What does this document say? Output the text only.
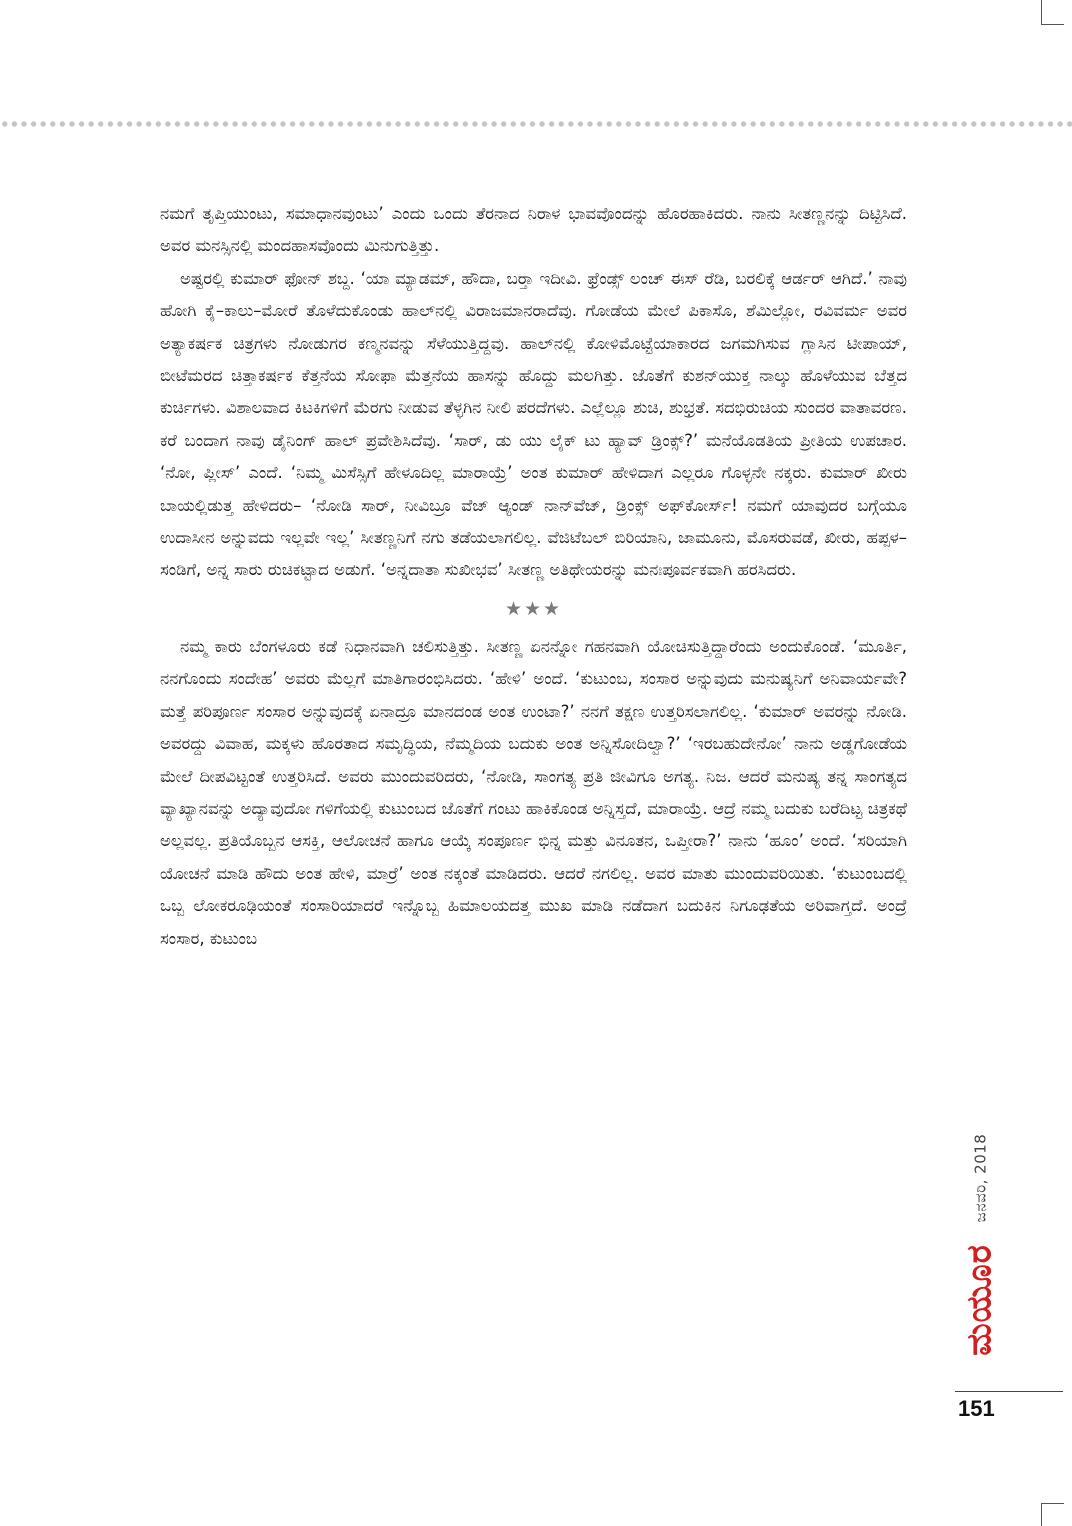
ನಮಗೆ ತೃಪ್ತಿಯುಂಟು, ಸಮಾಧಾನವುಂಟು’ ಎಂದು ಒಂದು ತೆರನಾದ ನಿರಾಳ ಭಾವವೊಂದನ್ನು ಹೊರಹಾಕಿದರು. ನಾನು ಸೀತಣ್ಣನನ್ನು ದಿಟ್ಟಿಸಿದೆ. ಅವರ ಮನಸ್ಸಿನಲ್ಲಿ ಮಂದಹಾಸವೊಂದು ಮಿನುಗುತ್ತಿತ್ತು.

ಅಷ್ಟರಲ್ಲಿ ಕುಮಾರ್ ಫೋನ್ ಶಬ್ದ. ‘ಯಾ ಮ್ಯಾಡಮ್, ಹೌದಾ, ಬರ‍್ತಾ ಇದೀವಿ. ಫ್ರೆಂಡ್ಸ್ ಲಂಚ್ ಈಸ್ ರೆಡಿ, ಬರಲಿಕ್ಕೆ ಆರ್ಡರ್ ಆಗಿದೆ.’ ನಾವು ಹೋಗಿ ಕೈ–ಕಾಲು–ಮೋರೆ ತೊಳೆದುಕೊಂಡು ಹಾಲ್‌ನಲ್ಲಿ ವಿರಾಜಮಾನರಾದೆವು. ಗೋಡೆಯ ಮೇಲೆ ಪಿಕಾಸೊ, ಶೆಮಿಲ್ಲೋ, ರವಿವರ್ಮ ಅವರ ಅತ್ಯಾಕರ್ಷಕ ಚಿತ್ರಗಳು ನೋಡುಗರ ಕಣ್ಮನವನ್ನು ಸೆಳೆಯುತ್ತಿದ್ದವು. ಹಾಲ್‌ನಲ್ಲಿ ಕೋಳಿಮೊಟ್ಟೆಯಾಕಾರದ ಜಗಮಗಿಸುವ ಗ್ಲಾಸಿನ ಟೀಪಾಯ್, ಬೀಟೆಮರದ ಚಿತ್ತಾಕರ್ಷಕ ಕೆತ್ತನೆಯ ಸೋಫಾ ಮೆತ್ತನೆಯ ಹಾಸನ್ನು ಹೊದ್ದು ಮಲಗಿತ್ತು. ಜೊತೆಗೆ ಕುಶನ್‌ಯುಕ್ತ ನಾಲ್ಕು ಹೊಳೆಯುವ ಬೆತ್ತದ ಕುರ್ಚಿಗಳು. ವಿಶಾಲವಾದ ಕಿಟಕಿಗಳಿಗೆ ಮೆರಗು ನೀಡುವ ತೆಳ್ಳಗಿನ ನೀಲಿ ಪರದೆಗಳು. ಎಲ್ಲೆಲ್ಲೂ ಶುಚಿ, ಶುಭ್ರತೆ. ಸದಭಿರುಚಿಯ ಸುಂದರ ವಾತಾವರಣ. ಕರೆ ಬಂದಾಗ ನಾವು ಡೈನಿಂಗ್ ಹಾಲ್ ಪ್ರವೇಶಿಸಿದೆವು. ‘ಸಾರ್, ಡು ಯು ಲೈಕ್ ಟು ಹ್ಯಾವ್ ಡ್ರಿಂಕ್ಸ್?’ ಮನೆಯೊಡತಿಯ ಪ್ರೀತಿಯ ಉಪಚಾರ. ‘ನೋ, ಪ್ಲೀಸ್’ ಎಂದೆ. ‘ನಿಮ್ಮ ಮಿಸೆಸ್ಸಿಗೆ ಹೇಳೂದಿಲ್ಲ ಮಾರಾಯ್ರೆ’ ಅಂತ ಕುಮಾರ್ ಹೇಳಿದಾಗ ಎಲ್ಲರೂ ಗೊಳ್ಳನೇ ನಕ್ಕರು. ಕುಮಾರ್ ಖೀರು ಬಾಯಲ್ಲಿಡುತ್ತ ಹೇಳಿದರು– ‘ನೋಡಿ ಸಾರ್, ನೀವಿಬ್ರೂ ವೆಜ್ ಆ್ಯಂಡ್ ನಾನ್‌ವೆಜ್, ಡ್ರಿಂಕ್ಸ್ ಅಫ್‌ಕೋರ್ಸ್! ನಮಗೆ ಯಾವುದರ ಬಗ್ಗೆಯೂ ಉದಾಸೀನ ಅನ್ನುವದು ಇಲ್ಲವೇ ಇಲ್ಲ’ ಸೀತಣ್ಣನಿಗೆ ನಗು ತಡೆಯಲಾಗಲಿಲ್ಲ. ವೆಜಿಟೆಬಲ್ ಬಿರಿಯಾನಿ, ಜಾಮೂನು, ಮೊಸರುವಡೆ, ಖೀರು, ಹಪ್ಪಳ–ಸಂಡಿಗೆ, ಅನ್ನ ಸಾರು ರುಚಿಕಟ್ಟಾದ ಅಡುಗೆ. ‘ಅನ್ನದಾತಾ ಸುಖೀಭವ’ ಸೀತಣ್ಣ ಅತಿಥೇಯರನ್ನು ಮನಃಪೂರ್ವಕವಾಗಿ ಹರಸಿದರು.

★★★

ನಮ್ಮ ಕಾರು ಬೆಂಗಳೂರು ಕಡೆ ನಿಧಾನವಾಗಿ ಚಲಿಸುತ್ತಿತ್ತು. ಸೀತಣ್ಣ ಏನನ್ನೋ ಗಹನವಾಗಿ ಯೋಚಿಸುತ್ತಿದ್ದಾರೆಂದು ಅಂದುಕೊಂಡೆ. ‘ಮೂರ್ತಿ, ನನಗೊಂದು ಸಂದೇಹ’ ಅವರು ಮೆಲ್ಲಗೆ ಮಾತಿಗಾರಂಭಿಸಿದರು. ‘ಹೇಳಿ’ ಅಂದೆ. ‘ಕುಟುಂಬ, ಸಂಸಾರ ಅನ್ನುವುದು ಮನುಷ್ಯನಿಗೆ ಅನಿವಾರ್ಯವೇ? ಮತ್ತೆ ಪರಿಪೂರ್ಣ ಸಂಸಾರ ಅನ್ನುವುದಕ್ಕೆ ಏನಾದ್ರೂ ಮಾನದಂಡ ಅಂತ ಉಂಟಾ?’ ನನಗೆ ತಕ್ಷಣ ಉತ್ತರಿಸಲಾಗಲಿಲ್ಲ. ‘ಕುಮಾರ್ ಅವರನ್ನು ನೋಡಿ. ಅವರದ್ದು ವಿವಾಹ, ಮಕ್ಕಳು ಹೊರತಾದ ಸಮೃದ್ಧಿಯ, ನೆಮ್ಮದಿಯ ಬದುಕು ಅಂತ ಅನ್ನಿಸೋದಿಲ್ವಾ?’ ‘ಇರಬಹುದೇನೋ’ ನಾನು ಅಡ್ಡಗೋಡೆಯ ಮೇಲೆ ದೀಪವಿಟ್ಟಂತೆ ಉತ್ತರಿಸಿದೆ. ಅವರು ಮುಂದುವರಿದರು, ‘ನೋಡಿ, ಸಾಂಗತ್ಯ ಪ್ರತಿ ಜೀವಿಗೂ ಅಗತ್ಯ. ನಿಜ. ಆದರೆ ಮನುಷ್ಯ ತನ್ನ ಸಾಂಗತ್ಯದ ವ್ಯಾಖ್ಯಾನವನ್ನು ಅದ್ಯಾವುದೋ ಗಳಿಗೆಯಲ್ಲಿ ಕುಟುಂಬದ ಜೊತೆಗೆ ಗಂಟು ಹಾಕಿಕೊಂಡ ಅನ್ನಿಸ್ತದೆ, ಮಾರಾಯ್ರೆ. ಆದ್ರೆ ನಮ್ಮ ಬದುಕು ಬರೆದಿಟ್ಟ ಚಿತ್ರಕಥೆ ಅಲ್ಲವಲ್ಲ. ಪ್ರತಿಯೊಬ್ಬನ ಆಸಕ್ತಿ, ಆಲೋಚನೆ ಹಾಗೂ ಆಯ್ಕೆ ಸಂಪೂರ್ಣ ಭಿನ್ನ ಮತ್ತು ವಿನೂತನ, ಒಪ್ತೀರಾ?’ ನಾನು ‘ಹೂಂ’ ಅಂದೆ. ‘ಸರಿಯಾಗಿ ಯೋಚನೆ ಮಾಡಿ ಹೌದು ಅಂತ ಹೇಳಿ, ಮಾರ್‍ರೆ’ ಅಂತ ನಕ್ಕಂತೆ ಮಾಡಿದರು. ಆದರೆ ನಗಲಿಲ್ಲ. ಅವರ ಮಾತು ಮುಂದುವರಿಯಿತು. ‘ಕುಟುಂಬದಲ್ಲಿ ಒಬ್ಬ ಲೋಕರೂಢಿಯಂತೆ ಸಂಸಾರಿಯಾದರೆ ಇನ್ನೊಬ್ಬ ಹಿಮಾಲಯದತ್ತ ಮುಖ ಮಾಡಿ ನಡೆದಾಗ ಬದುಕಿನ ನಿಗೂಢತೆಯ ಅರಿವಾಗ್ತದೆ. ಅಂದ್ರೆ ಸಂಸಾರ, ಕುಟುಂಬ

ಜನವರಿ, 2018
ಮಯೂರ
151
